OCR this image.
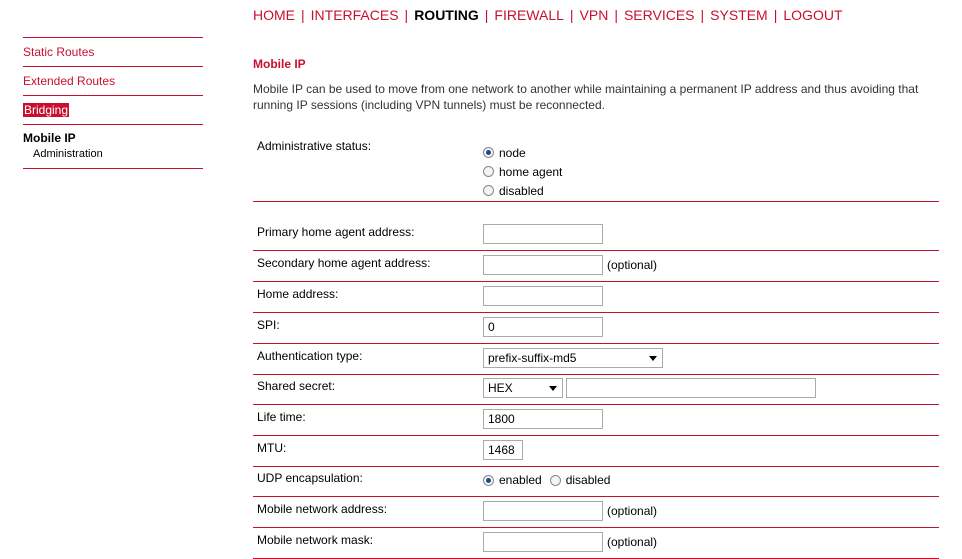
HOME | INTERFACES | ROUTING | FIREWALL | VPN | SERVICES | SYSTEM | LOGOUT
Static Routes
Extended Routes
Bridging
Mobile IP
Administration
Mobile IP
Mobile IP can be used to move from one network to another while maintaining a permanent IP address and thus avoiding that running IP sessions (including VPN tunnels) must be reconnected.
Administrative status:	node
home agent
disabled
Primary home agent address:
Secondary home agent address:	(optional)
Home address:
SPI:	0
Authentication type:	prefix-suffix-md5
Shared secret:	HEX
Life time:	1800
MTU:	1468
UDP encapsulation:	enabled disabled
Mobile network address:	(optional)
Mobile network mask:	(optional)
